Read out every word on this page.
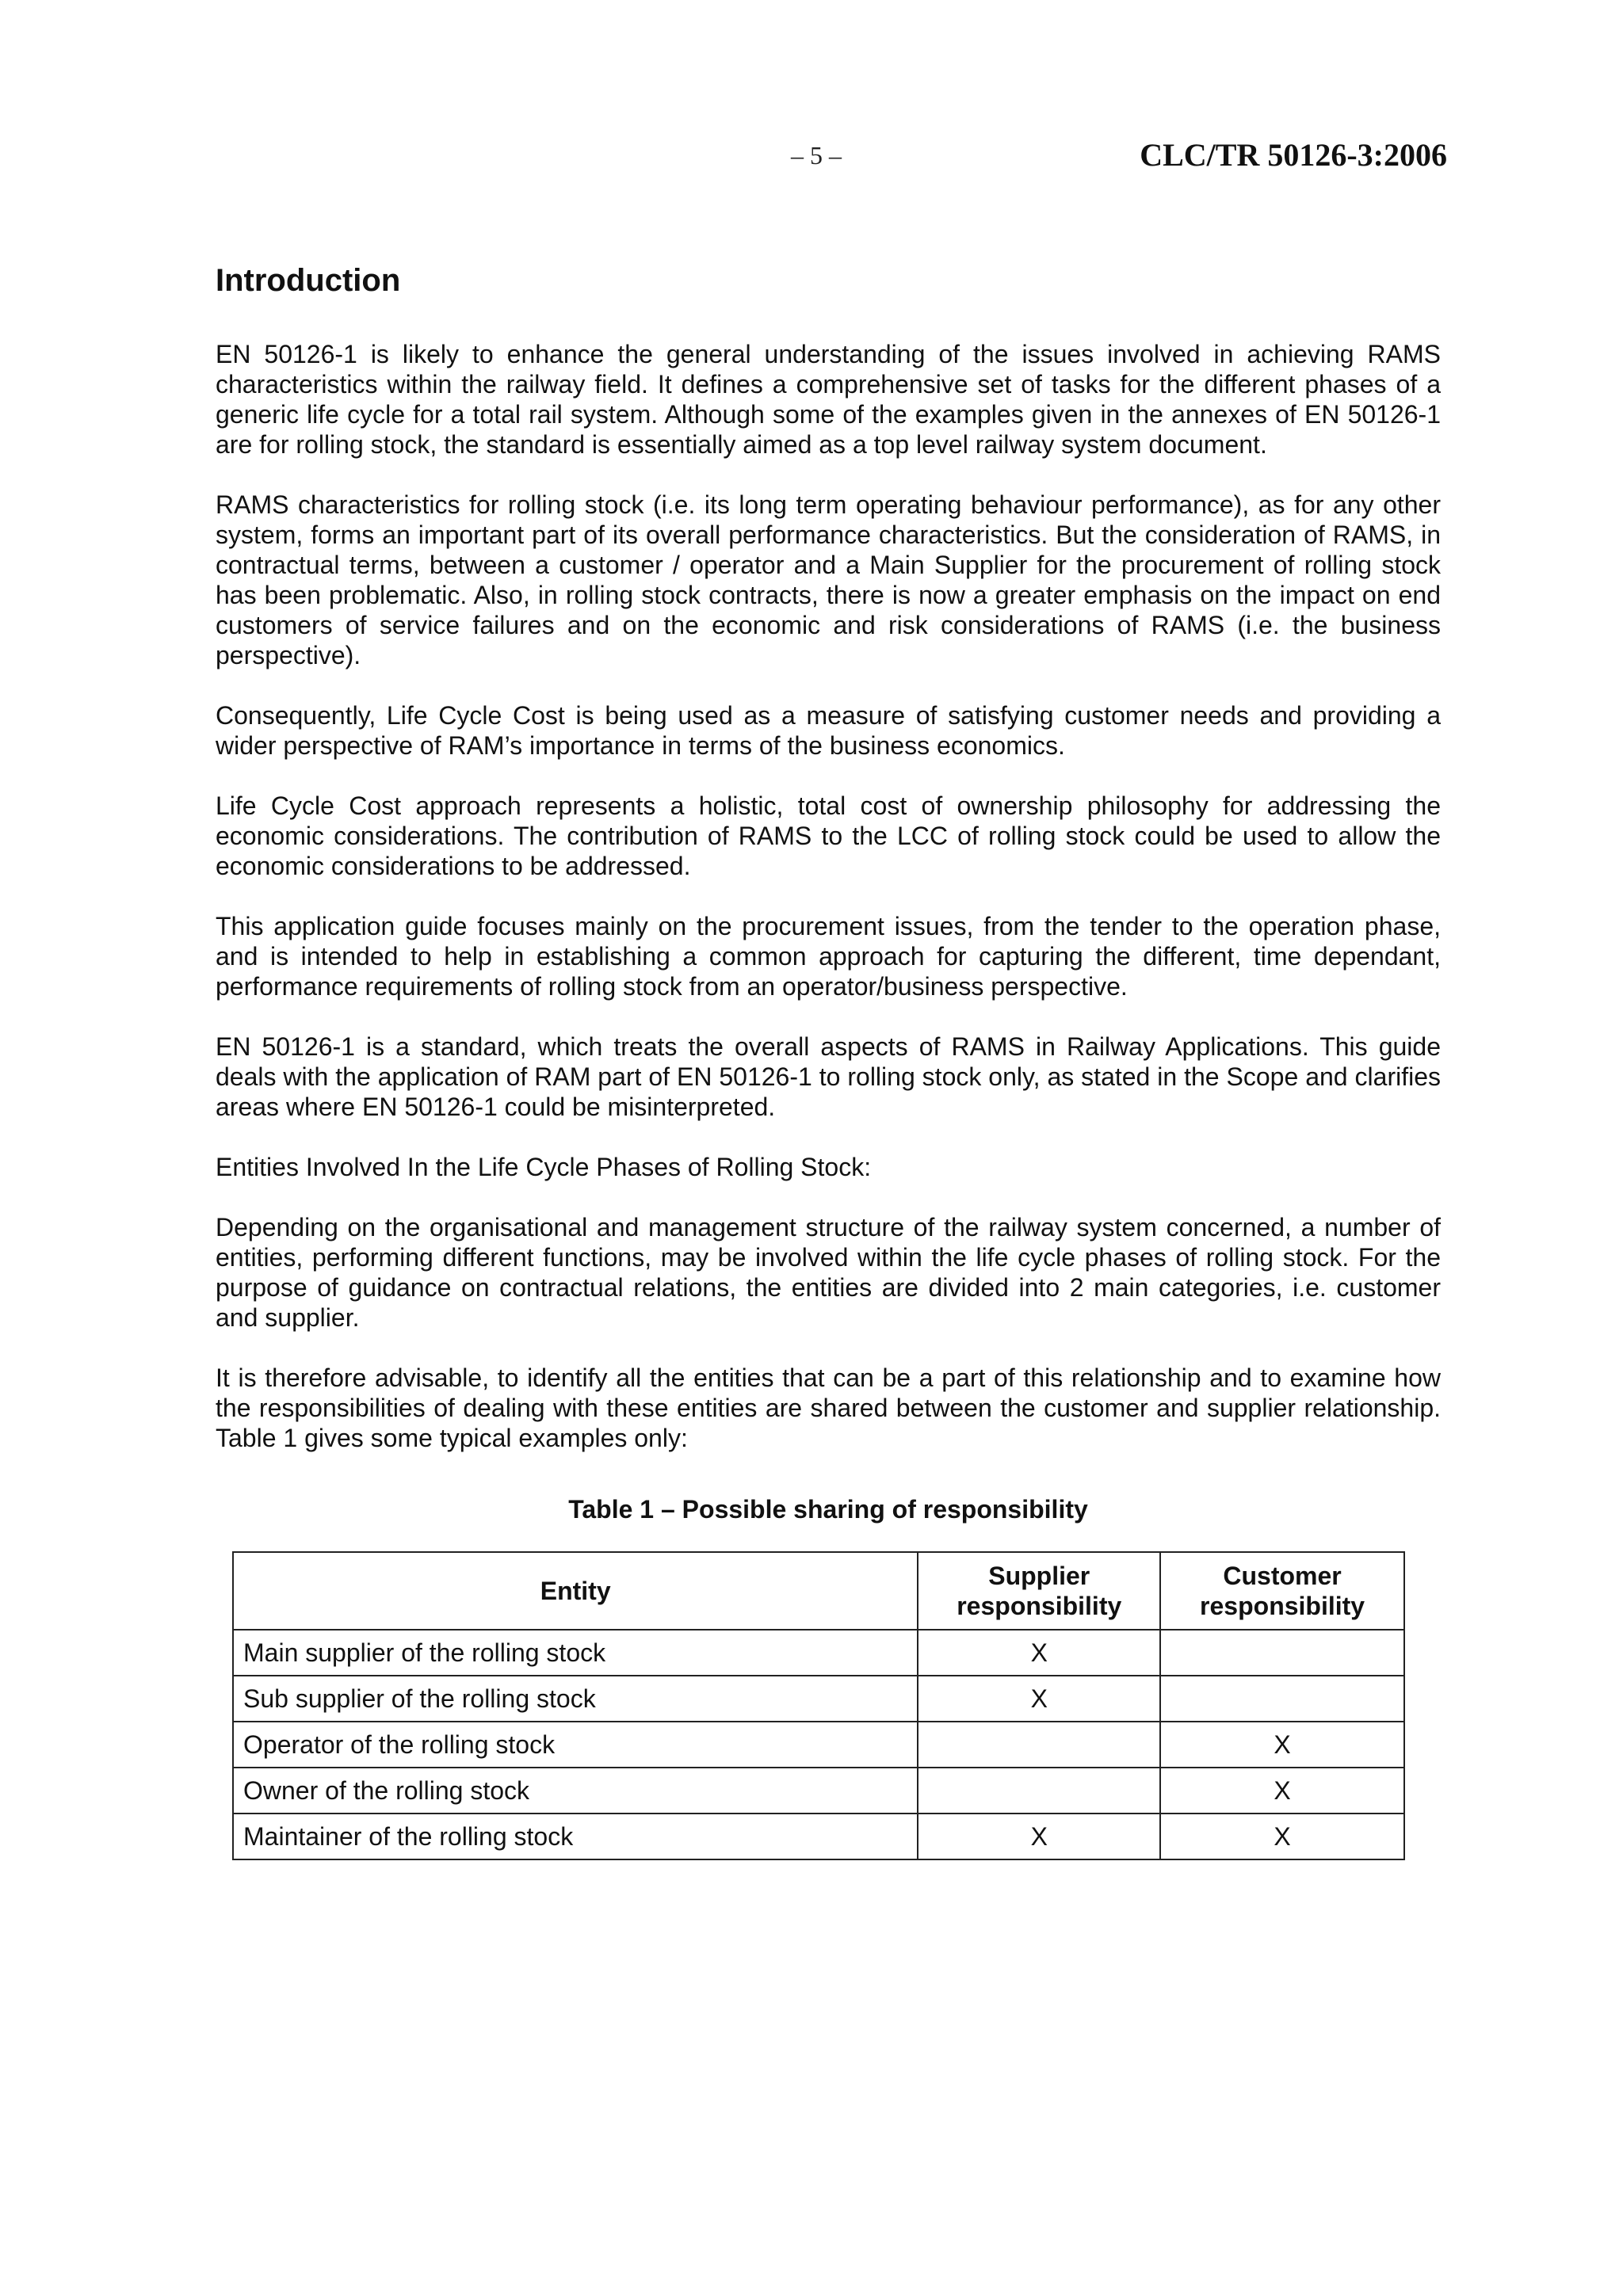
– 5 –	CLC/TR 50126-3:2006
Introduction

EN 50126-1 is likely to enhance the general understanding of the issues involved in achieving RAMS characteristics within the railway field. It defines a comprehensive set of tasks for the different phases of a generic life cycle for a total rail system. Although some of the examples given in the annexes of EN 50126-1 are for rolling stock, the standard is essentially aimed as a top level railway system document.

RAMS characteristics for rolling stock (i.e. its long term operating behaviour performance), as for any other system, forms an important part of its overall performance characteristics. But the consideration of RAMS, in contractual terms, between a customer / operator and a Main Supplier for the procurement of rolling stock has been problematic. Also, in rolling stock contracts, there is now a greater emphasis on the impact on end customers of service failures and on the economic and risk considerations of RAMS (i.e. the business perspective).

Consequently, Life Cycle Cost is being used as a measure of satisfying customer needs and providing a wider perspective of RAM’s importance in terms of the business economics.

Life Cycle Cost approach represents a holistic, total cost of ownership philosophy for addressing the economic considerations. The contribution of RAMS to the LCC of rolling stock could be used to allow the economic considerations to be addressed.

This application guide focuses mainly on the procurement issues, from the tender to the operation phase, and is intended to help in establishing a common approach for capturing the different, time dependant, performance requirements of rolling stock from an operator/business perspective.

EN 50126-1 is a standard, which treats the overall aspects of RAMS in Railway Applications. This guide deals with the application of RAM part of EN 50126-1 to rolling stock only, as stated in the Scope and clarifies areas where EN 50126-1 could be misinterpreted.

Entities Involved In the Life Cycle Phases of Rolling Stock:

Depending on the organisational and management structure of the railway system concerned, a number of entities, performing different functions, may be involved within the life cycle phases of rolling stock. For the purpose of guidance on contractual relations, the entities are divided into 2 main categories, i.e. customer and supplier.

It is therefore advisable, to identify all the entities that can be a part of this relationship and to examine how the responsibilities of dealing with these entities are shared between the customer and supplier relationship. Table 1 gives some typical examples only:

Table 1 – Possible sharing of responsibility
Entity	Supplier responsibility	Customer responsibility
Main supplier of the rolling stock	X	
Sub supplier of the rolling stock	X	
Operator of the rolling stock		X
Owner of the rolling stock		X
Maintainer of the rolling stock	X	X
